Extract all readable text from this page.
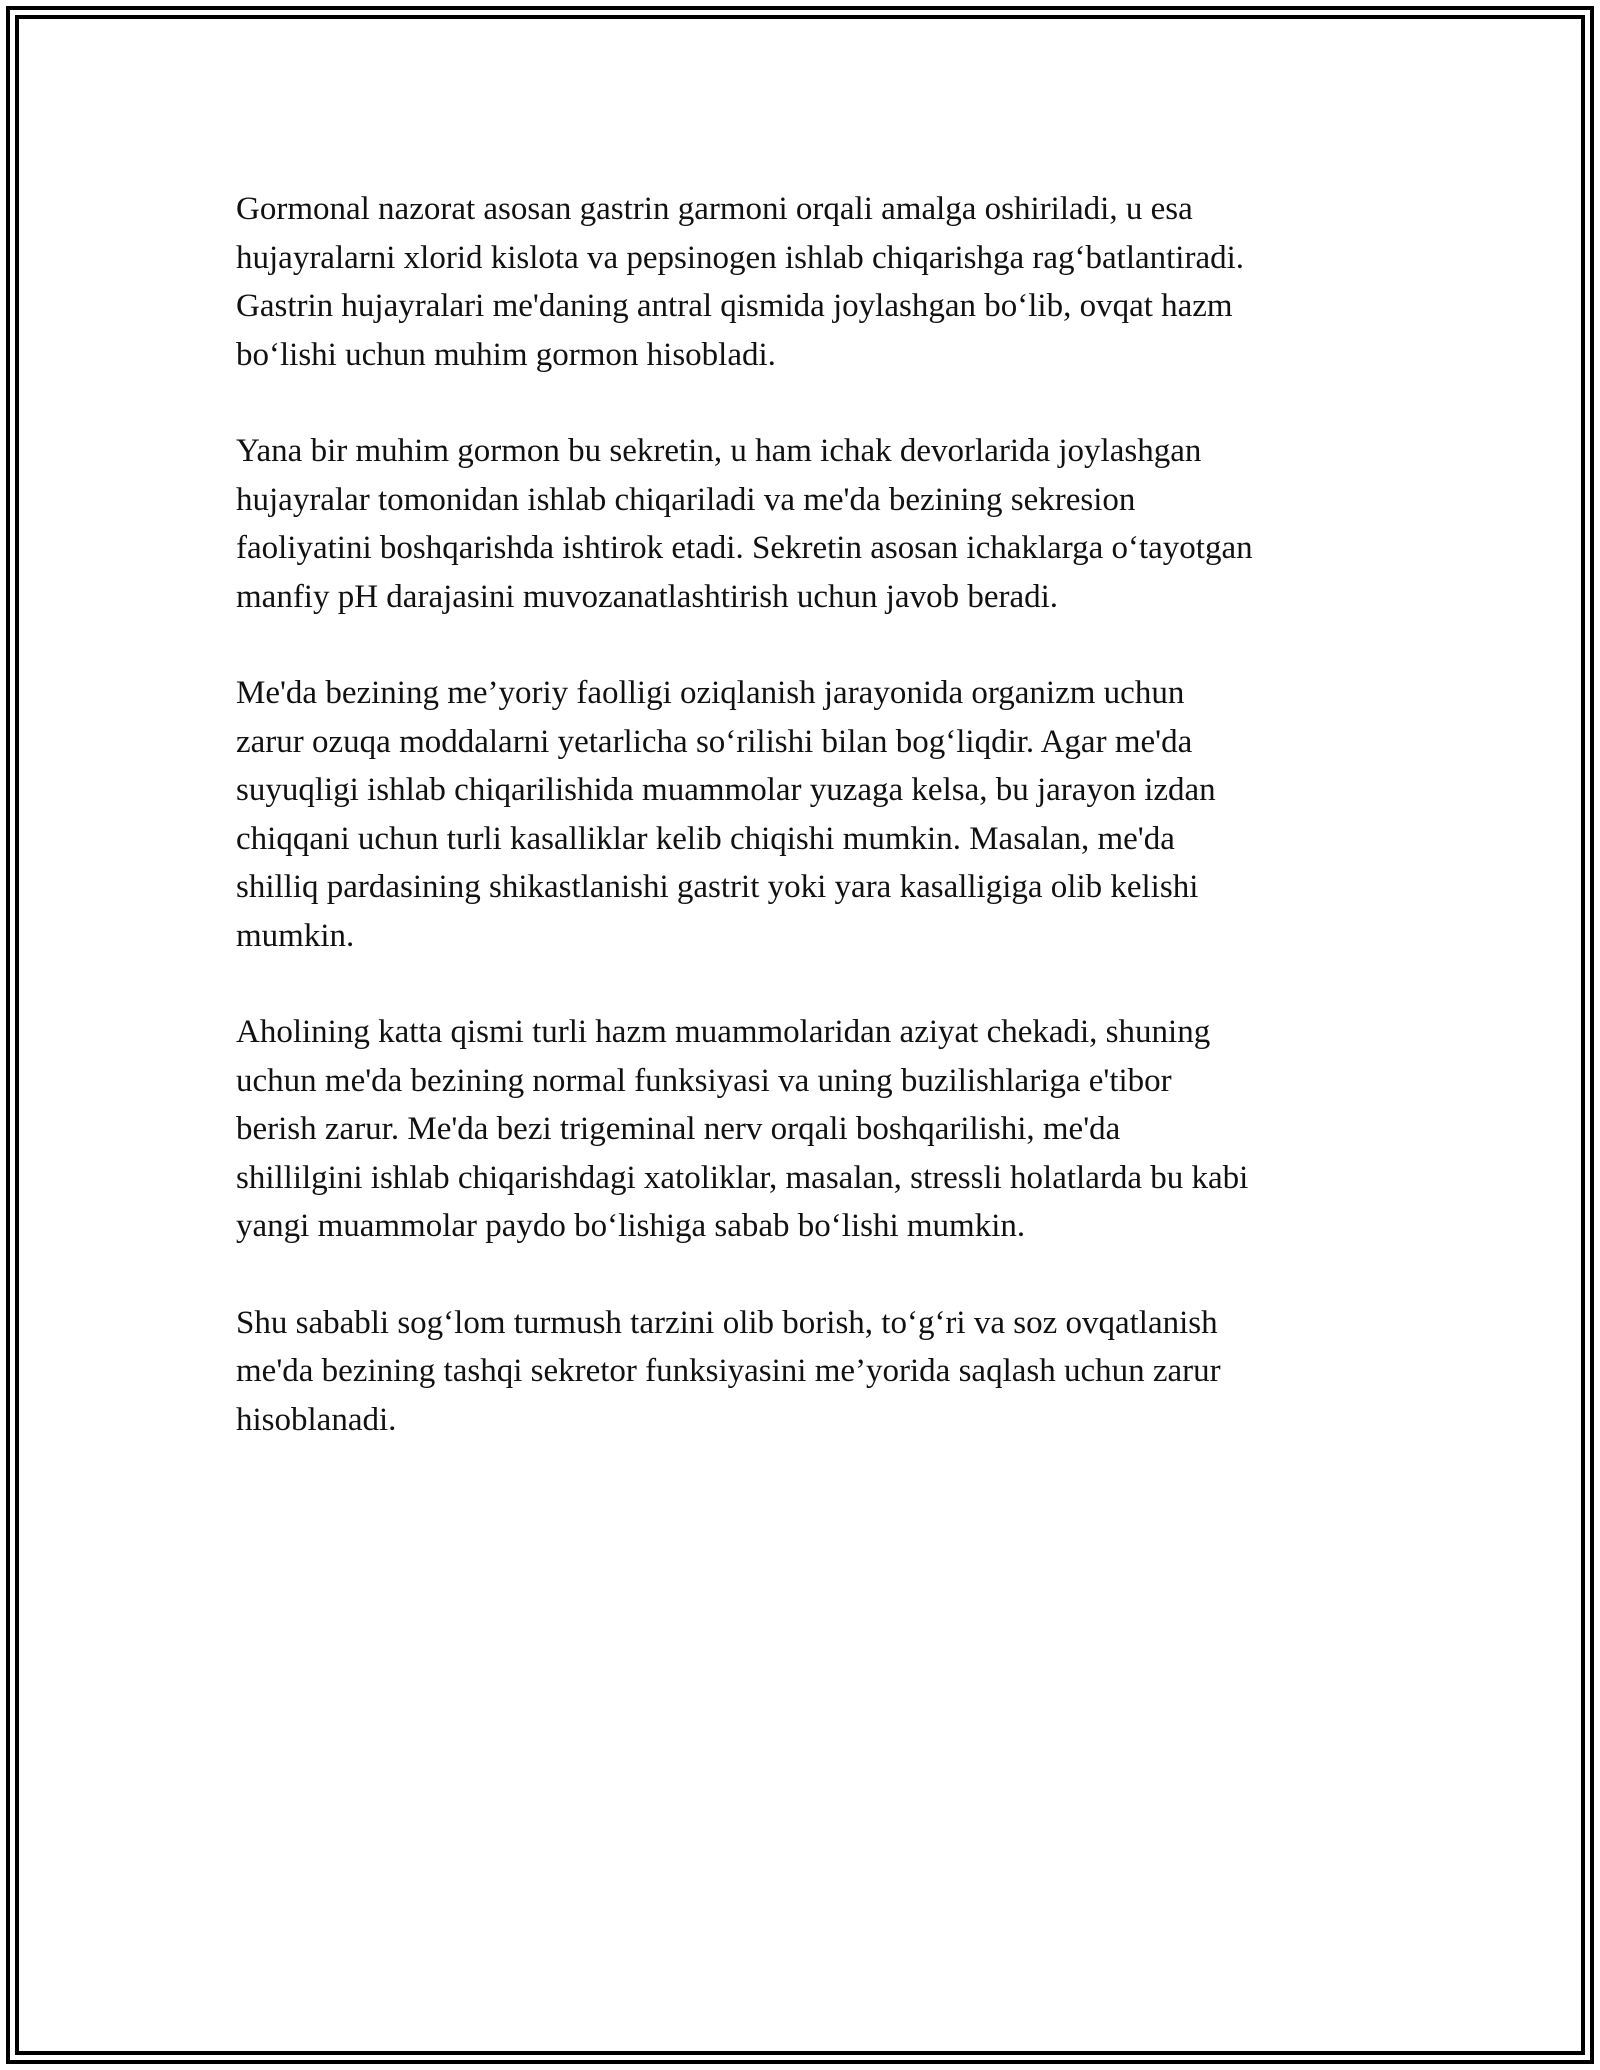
Gormonal nazorat asosan gastrin garmoni orqali amalga oshiriladi, u esa
hujayralarni xlorid kislota va pepsinogen ishlab chiqarishga rag‘batlantiradi.
Gastrin hujayralari me'daning antral qismida joylashgan bo‘lib, ovqat hazm
bo‘lishi uchun muhim gormon hisobladi.

Yana bir muhim gormon bu sekretin, u ham ichak devorlarida joylashgan
hujayralar tomonidan ishlab chiqariladi va me'da bezining sekresion
faoliyatini boshqarishda ishtirok etadi. Sekretin asosan ichaklarga o‘tayotgan
manfiy pH darajasini muvozanatlashtirish uchun javob beradi.

Me'da bezining me’yoriy faolligi oziqlanish jarayonida organizm uchun
zarur ozuqa moddalarni yetarlicha so‘rilishi bilan bog‘liqdir. Agar me'da
suyuqligi ishlab chiqarilishida muammolar yuzaga kelsa, bu jarayon izdan
chiqqani uchun turli kasalliklar kelib chiqishi mumkin. Masalan, me'da
shilliq pardasining shikastlanishi gastrit yoki yara kasalligiga olib kelishi
mumkin.

Aholining katta qismi turli hazm muammolaridan aziyat chekadi, shuning
uchun me'da bezining normal funksiyasi va uning buzilishlariga e'tibor
berish zarur. Me'da bezi trigeminal nerv orqali boshqarilishi, me'da
shillilgini ishlab chiqarishdagi xatoliklar, masalan, stressli holatlarda bu kabi
yangi muammolar paydo bo‘lishiga sabab bo‘lishi mumkin.

Shu sababli sog‘lom turmush tarzini olib borish, to‘g‘ri va soz ovqatlanish
me'da bezining tashqi sekretor funksiyasini me’yorida saqlash uchun zarur
hisoblanadi.
